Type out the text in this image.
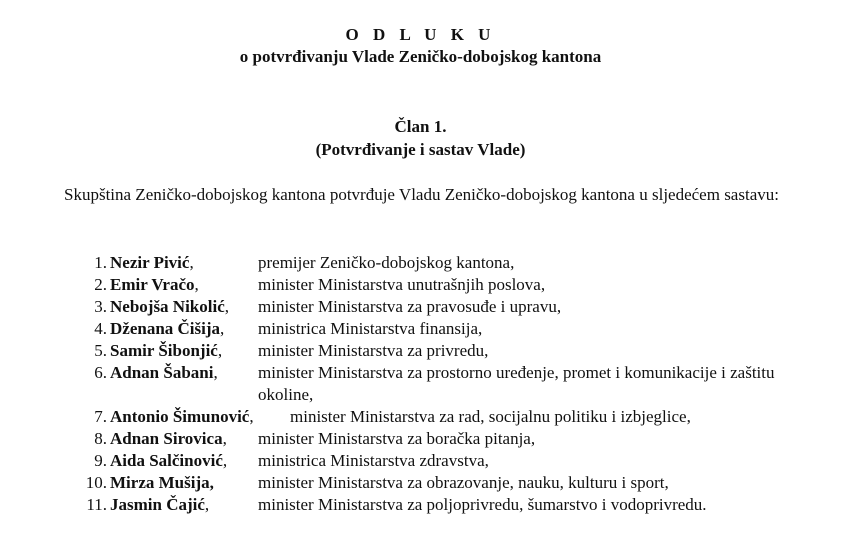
O D L U K U
o potvrđivanju Vlade Zeničko-dobojskog kantona
Član 1.
(Potvrđivanje i sastav Vlade)

Skupština Zeničko-dobojskog kantona potvrđuje Vladu Zeničko-dobojskog kantona u sljedećem sastavu:

1. Nezir Pivić,	premijer Zeničko-dobojskog kantona,
2. Emir Vračo,	minister Ministarstva unutrašnjih poslova,
3. Nebojša Nikolić, minister Ministarstva za pravosuđe i upravu,
4. Dženana Čišija, ministrica Ministarstva finansija,
5. Samir Šibonjić, minister Ministarstva za privredu,
6. Adnan Šabani, minister Ministarstva za prostorno uređenje, promet i komunikacije i zaštitu okoline,
7. Antonio Šimunović, minister Ministarstva za rad, socijalnu politiku i izbjeglice,
8. Adnan Sirovica, minister Ministarstva za boračka pitanja,
9. Aida Salčinović, ministrica Ministarstva zdravstva,
10. Mirza Mušija,	minister Ministarstva za obrazovanje, nauku, kulturu i sport,
11. Jasmin Čajić,	minister Ministarstva za poljoprivredu, šumarstvo i vodoprivredu.
